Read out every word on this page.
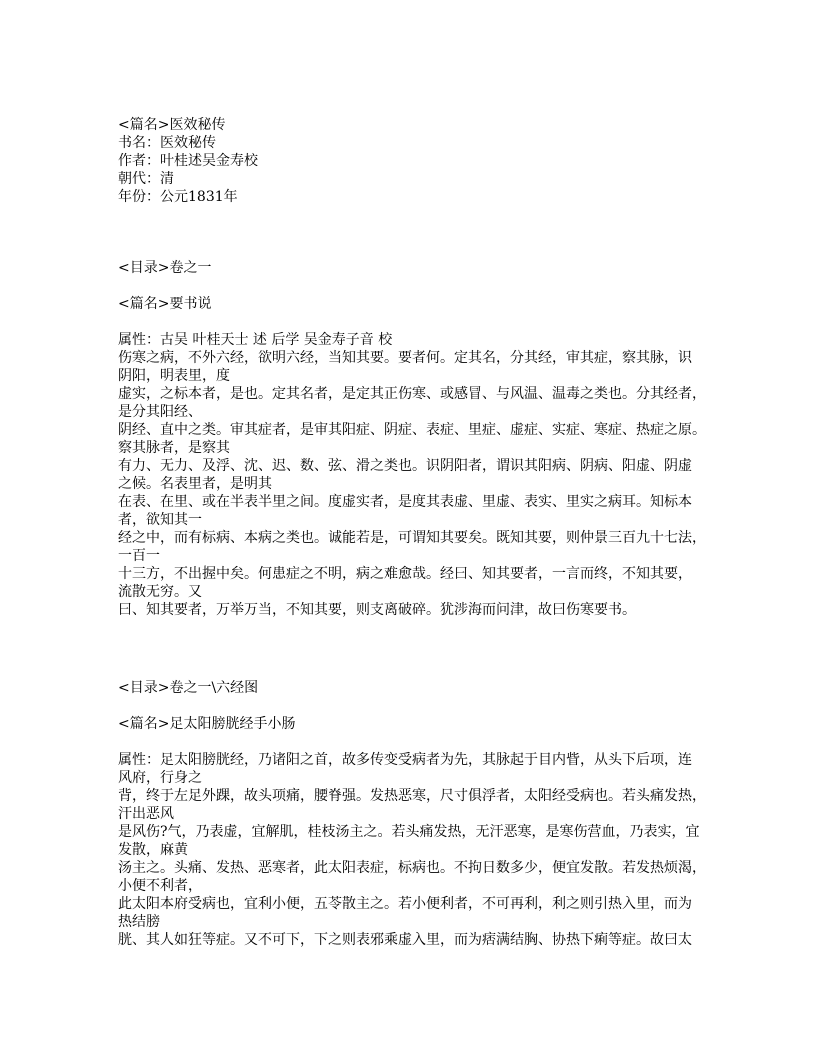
<篇名>医效秘传
书名：医效秘传
作者：叶桂述吴金寿校
朝代：清
年份：公元1831年
<目录>卷之一
<篇名>要书说
属性：古吴 叶桂天士 述 后学 吴金寿子音 校
伤寒之病，不外六经，欲明六经，当知其要。要者何。定其名，分其经，审其症，察其脉，识
阴阳，明表里，度
虚实，之标本者，是也。定其名者，是定其正伤寒、或感冒、与风温、温毒之类也。分其经者，
是分其阳经、
阴经、直中之类。审其症者，是审其阳症、阴症、表症、里症、虚症、实症、寒症、热症之原。
察其脉者，是察其
有力、无力、及浮、沈、迟、数、弦、滑之类也。识阴阳者，谓识其阳病、阴病、阳虚、阴虚
之候。名表里者，是明其
在表、在里、或在半表半里之间。度虚实者，是度其表虚、里虚、表实、里实之病耳。知标本
者，欲知其一
经之中，而有标病、本病之类也。诚能若是，可谓知其要矣。既知其要，则仲景三百九十七法，
一百一
十三方，不出握中矣。何患症之不明，病之难愈哉。经曰、知其要者，一言而终，不知其要，
流散无穷。又
曰、知其要者，万举万当，不知其要，则支离破碎。犹涉海而问津，故曰伤寒要书。
<目录>卷之一\六经图
<篇名>足太阳膀胱经手小肠
属性：足太阳膀胱经，乃诸阳之首，故多传变受病者为先，其脉起于目内眥，从头下后项，连
风府，行身之
背，终于左足外踝，故头项痛，腰脊强。发热恶寒，尺寸俱浮者，太阳经受病也。若头痛发热，
汗出恶风
是风伤?气，乃表虚，宜解肌，桂枝汤主之。若头痛发热，无汗恶寒，是寒伤营血，乃表实，宜
发散，麻黄
汤主之。头痛、发热、恶寒者，此太阳表症，标病也。不拘日数多少，便宜发散。若发热烦渴，
小便不利者，
此太阳本府受病也，宜利小便，五苓散主之。若小便利者，不可再利，利之则引热入里，而为
热结膀
胱、其人如狂等症。又不可下，下之则表邪乘虚入里，而为痞满结胸、协热下痢等症。故曰太
